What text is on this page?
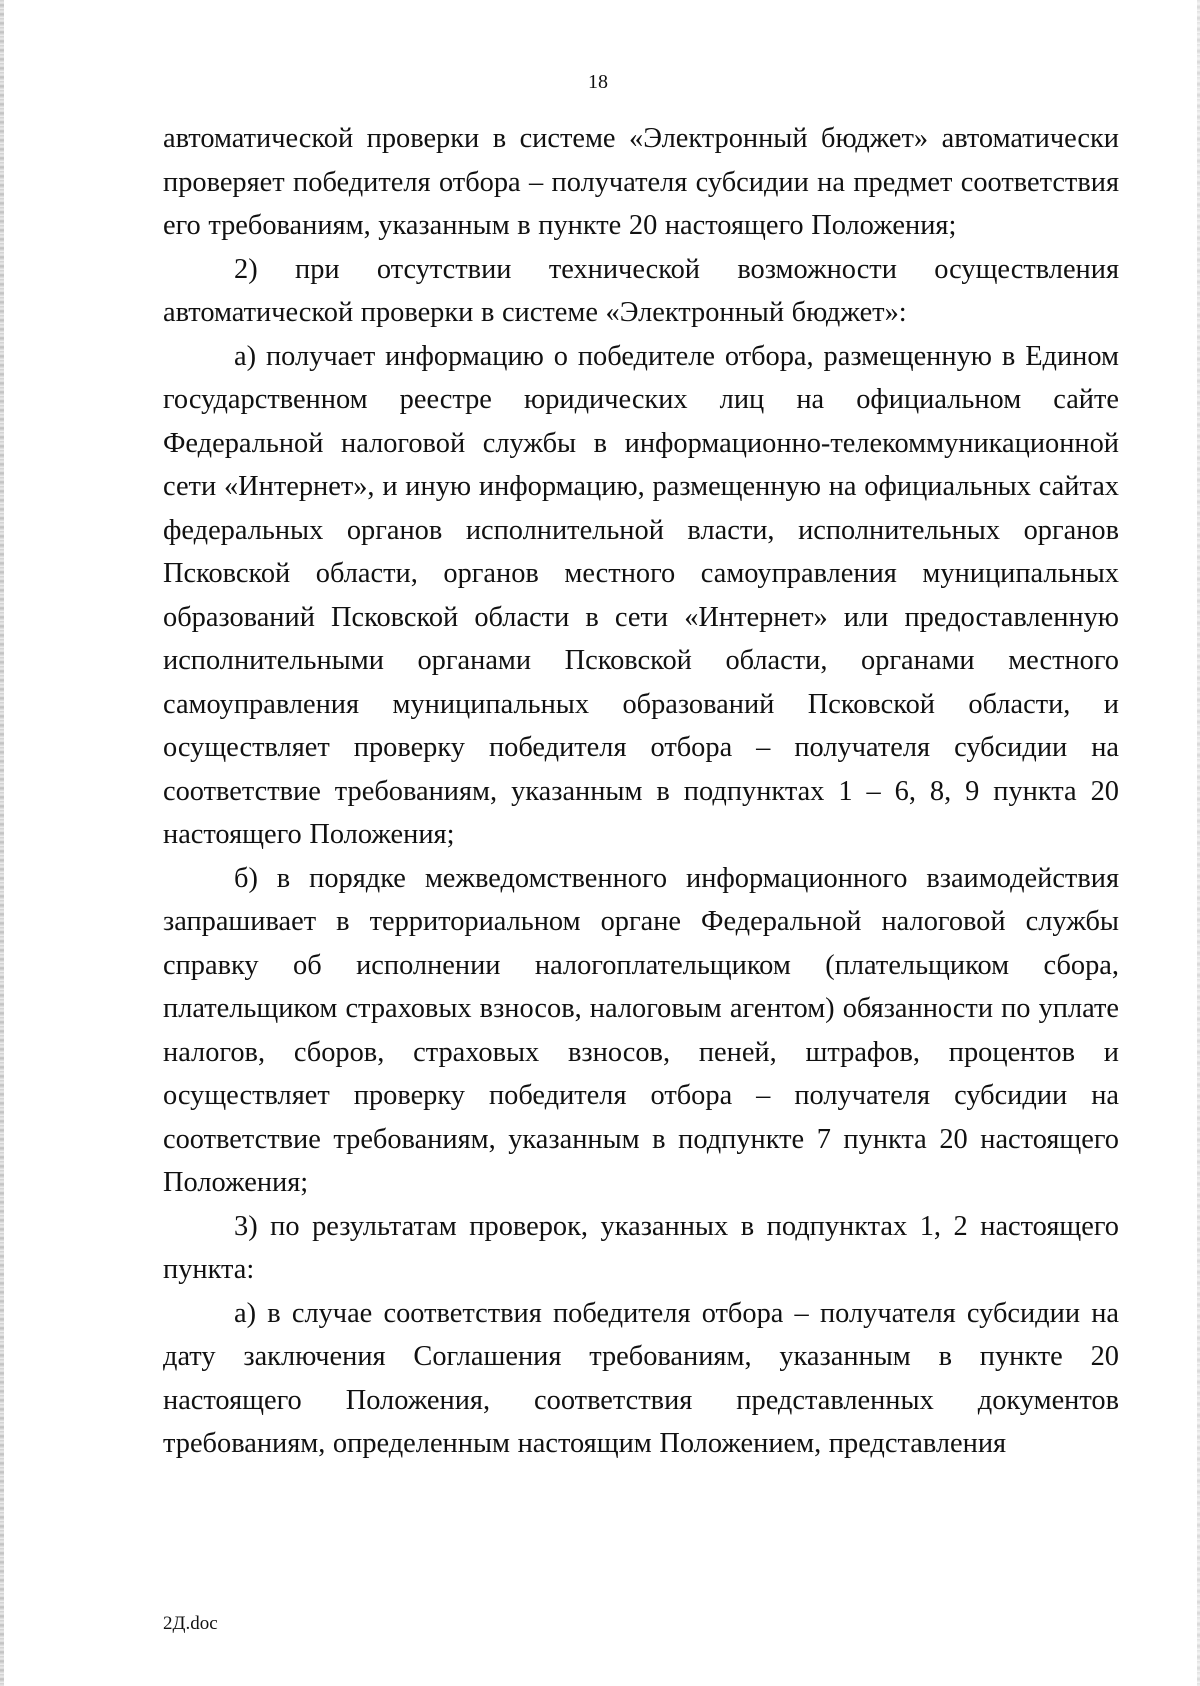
18

автоматической проверки в системе «Электронный бюджет» автоматически проверяет победителя отбора – получателя субсидии на предмет соответствия его требованиям, указанным в пункте 20 настоящего Положения;

2) при отсутствии технической возможности осуществления автоматической проверки в системе «Электронный бюджет»:

а) получает информацию о победителе отбора, размещенную в Едином государственном реестре юридических лиц на официальном сайте Федеральной налоговой службы в информационно-телекоммуникационной сети «Интернет», и иную информацию, размещенную на официальных сайтах федеральных органов исполнительной власти, исполнительных органов Псковской области, органов местного самоуправления муниципальных образований Псковской области в сети «Интернет» или предоставленную исполнительными органами Псковской области, органами местного самоуправления муниципальных образований Псковской области, и осуществляет проверку победителя отбора – получателя субсидии на соответствие требованиям, указанным в подпунктах 1 – 6, 8, 9 пункта 20 настоящего Положения;

б) в порядке межведомственного информационного взаимодействия запрашивает в территориальном органе Федеральной налоговой службы справку об исполнении налогоплательщиком (плательщиком сбора, плательщиком страховых взносов, налоговым агентом) обязанности по уплате налогов, сборов, страховых взносов, пеней, штрафов, процентов и осуществляет проверку победителя отбора – получателя субсидии на соответствие требованиям, указанным в подпункте 7 пункта 20 настоящего Положения;

3) по результатам проверок, указанных в подпунктах 1, 2 настоящего пункта:

а) в случае соответствия победителя отбора – получателя субсидии на дату заключения Соглашения требованиям, указанным в пункте 20 настоящего Положения, соответствия представленных документов требованиям, определенным настоящим Положением, представления

2Д.doc
